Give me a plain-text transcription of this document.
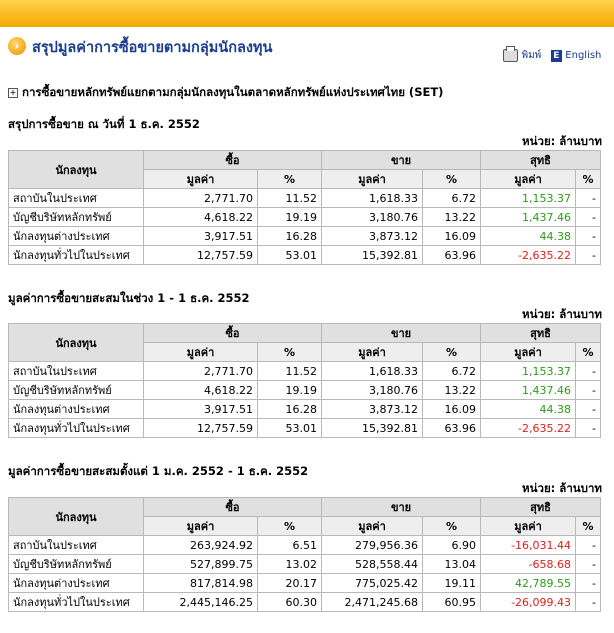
› สรุปมูลค่าการซื้อขายตามกลุ่มนักลงทุน	พิมพ์ E English
+ การซื้อขายหลักทรัพย์แยกตามกลุ่มนักลงทุนในตลาดหลักทรัพย์แห่งประเทศไทย (SET)
สรุปการซื้อขาย ณ วันที่ 1 ธ.ค. 2552
หน่วย: ล้านบาท
นักลงทุน	ซื้อ		ขาย		สุทธิ	
	มูลค่า	%	มูลค่า	%	มูลค่า	%
สถาบันในประเทศ	2,771.70	11.52	1,618.33	6.72	1,153.37	-
บัญชีบริษัทหลักทรัพย์	4,618.22	19.19	3,180.76	13.22	1,437.46	-
นักลงทุนต่างประเทศ	3,917.51	16.28	3,873.12	16.09	44.38	-
นักลงทุนทั่วไปในประเทศ	12,757.59	53.01	15,392.81	63.96	-2,635.22	-
มูลค่าการซื้อขายสะสมในช่วง 1 - 1 ธ.ค. 2552
หน่วย: ล้านบาท
นักลงทุน	ซื้อ		ขาย		สุทธิ	
	มูลค่า	%	มูลค่า	%	มูลค่า	%
สถาบันในประเทศ	2,771.70	11.52	1,618.33	6.72	1,153.37	-
บัญชีบริษัทหลักทรัพย์	4,618.22	19.19	3,180.76	13.22	1,437.46	-
นักลงทุนต่างประเทศ	3,917.51	16.28	3,873.12	16.09	44.38	-
นักลงทุนทั่วไปในประเทศ	12,757.59	53.01	15,392.81	63.96	-2,635.22	-
มูลค่าการซื้อขายสะสมตั้งแต่ 1 ม.ค. 2552 - 1 ธ.ค. 2552
หน่วย: ล้านบาท
นักลงทุน	ซื้อ		ขาย		สุทธิ	
	มูลค่า	%	มูลค่า	%	มูลค่า	%
สถาบันในประเทศ	263,924.92	6.51	279,956.36	6.90	-16,031.44	-
บัญชีบริษัทหลักทรัพย์	527,899.75	13.02	528,558.44	13.04	-658.68	-
นักลงทุนต่างประเทศ	817,814.98	20.17	775,025.42	19.11	42,789.55	-
นักลงทุนทั่วไปในประเทศ	2,445,146.25	60.30	2,471,245.68	60.95	-26,099.43	-
